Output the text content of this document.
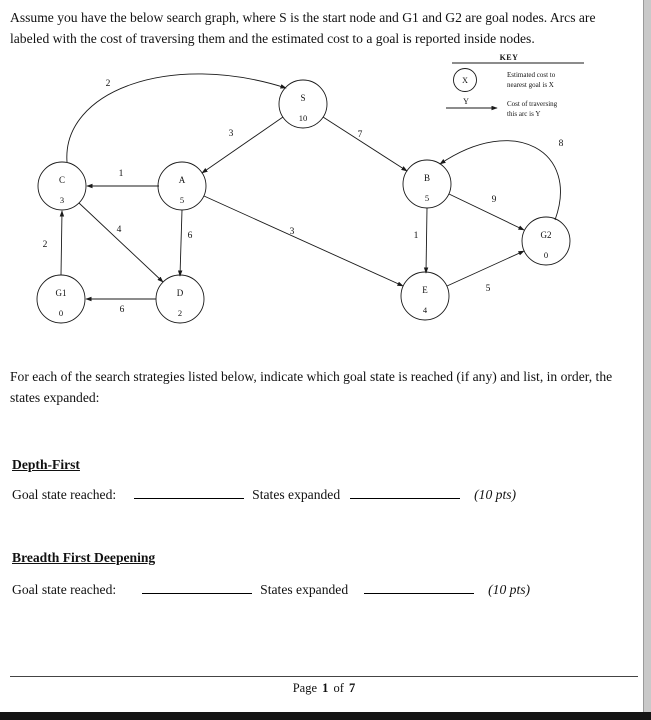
Assume you have the below search graph, where S is the start node and G1 and G2 are goal nodes. Arcs are labeled with the cost of traversing them and the estimated cost to a goal is reported inside nodes.

S
10
C
3
A
5
B
5
G2
0
G1
0
D
2
E
4
2
3	7
1
6	3
4
2
6
1
5
9
8
KEY
X
Estimated cost to
nearest goal is X
Y	Cost of traversing
this arc is Y

For each of the search strategies listed below, indicate which goal state is reached (if any) and list, in order, the states expanded:

Depth-First

Goal state reached:	States expanded	(10 pts)

Breadth First Deepening

Goal state reached:	States expanded	(10 pts)

Page 1 of 7
